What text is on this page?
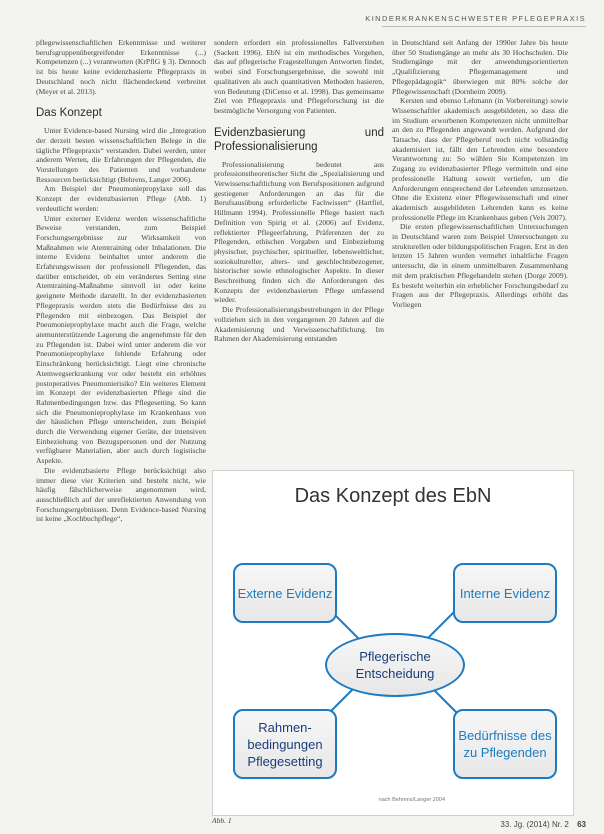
KINDERKRANKENSCHWESTER PFLEGEPRAXIS

pflegewissenschaftlichen Erkenntnisse und weiterer berufsgruppenübergreifender Erkenntnisse (...) Kompetenzen (...) verantworten (KrPflG § 3). Dennoch ist bis heute keine evidenzbasierte Pflegepraxis in Deutschland noch nicht flächendeckend verbreitet (Meyer et al. 2013).

Das Konzept

Unter Evidence-based Nursing wird die „Integration der derzeit besten wissenschaftlichen Belege in die tägliche Pflegepraxis“ verstanden. Dabei werden, unter anderem Werten, die Erfahrungen der Pflegenden, die Vorstellungen des Patienten und vorhandene Ressourcen berücksichtigt (Behrens, Langer 2006).

Am Beispiel der Pneumoniepropylaxe soll das Konzept der evidenzbasierten Pflege (Abb. 1) verdeutlicht werden:

Unter externer Evidenz werden wissenschaftliche Beweise verstanden, zum Beispiel Forschungsergebnisse zur Wirksamkeit von Maßnahmen wie Atemtraining oder Inhalationen. Die interne Evidenz beinhaltet unter anderem die Erfahrungswissen der professionell Pflegenden, das darüber entscheidet, ob ein verändertes Setting eine Atemtraining-Maßnahme sinnvoll ist oder keine geeignete Methode darstellt. In der evidenzbasierten Pflegepraxis werden stets die Bedürfnisse des zu Pflegenden mit einbezogen. Das Beispiel der Pneumonieprophylaxe macht auch die Frage, welche atemunterstützende Lagerung die angenehmste für den zu Pflegenden ist. Dabei wird unter anderem die vor Pneumonieprophylaxe fehlende Erfahrung oder Einschränkung berücksichtigt. Liegt eine chronische Atemwegserkrankung vor oder besteht ein erhöhtes postoperatives Pneumonierisiko? Ein weiteres Element im Konzept der evidenzbasierten Pflege sind die Rahmenbedingungen bzw. das Pflegesetting. So kann sich die Pneumonieprophylaxe im Krankenhaus von der häuslichen Pflege unterscheiden, zum Beispiel durch die Verwendung eigener Geräte, der intensiven Einbeziehung von Bezugspersonen und der Nutzung verfügbarer Materialien, aber auch durch logistische Aspekte.

Die evidenzbasierte Pflege berücksichtigt also immer diese vier Kriterien und besteht nicht, wie häufig fälschlicherweise angenommen wird, ausschließlich auf der unreflektierten Anwendung von Forschungsergebnissen. Denn Evidence-based Nursing ist keine „Kochbuchpflege“,

sondern erfordert ein professionelles Fallverstehen (Sackett 1996). EbN ist ein methodisches Vorgehen, das auf pflegerische Fragestellungen Antworten findet, wobei sind Forschungsergebnisse, die sowohl mit qualitativen als auch quantitativen Methoden basieren, von Bedeutung (DiCenso et al. 1998). Das gemeinsame Ziel von Pflegepraxis und Pflegeforschung ist die bestmögliche Versorgung von Patienten.

Evidenzbasierung und Professionalisierung

Professionalisierung bedeutet aus professionstheoretischer Sicht die „Spezialisierung und Verwissenschaftlichung von Berufspositionen aufgrund gestiegener Anforderungen an das für die Berufsausübung erforderliche Fachwissen“ (Hartfiel, Hillmann 1994). Professionelle Pflege basiert nach Definition von Spirig et al. (2006) auf Evidenz, reflektierter Pflegeerfahrung, Präferenzen der zu Pflegenden, ethischen Vorgaben und Einbeziehung physischer, psychischer, spiritueller, lebensweltlicher, soziokultureller, alters- und geschlechtsbezogener, historischer sowie ethnologischer Aspekte. In dieser Beschreibung finden sich die Anforderungen des Konzepts der evidenzbasierten Pflege umfassend wieder.

Die Professionalisierungsbestrebungen in der Pflege vollziehen sich in den vergangenen 20 Jahren auf die Akademisierung und Verwissenschaftlichung. Im Rahmen der Akademisierung entstanden

in Deutschland seit Anfang der 1990er Jahre bis heute über 50 Studiengänge an mehr als 30 Hochschulen. Die Studiengänge mit der anwendungsorientierten „Qualifizierung Pflegemanagement und Pflegepädagogik“ überwiegen mit 80% solche der Pflegewissenschaft (Dornheim 2009).

Kersten und ebenso Lehmann (in Vorbereitung) sowie Wissenschaftler akademisch ausgebildeten, so dass die im Studium erworbenen Kompetenzen nicht unmittelbar an den zu Pflegenden angewandt werden. Aufgrund der Tatsache, dass der Pflegeberuf noch nicht vollständig akademisiert ist, fällt den Lehrenden eine besondere Verantwortung zu: So wählen Sie Kompetenzen im Zugang zu evidenzbasierter Pflege vermitteln und eine professionelle Haltung soweit vertiefen, um die Anforderungen entsprechend der Lehrenden umzusetzen. Ohne die Existenz einer Pflegewissenschaft und einer akademisch ausgebildeten Lehrenden kann es keine professionelle Pflege im Krankenhaus geben (Vels 2007).

Die ersten pflegewissenschaftlichen Untersuchungen in Deutschland waren zum Beispiel Untersuchungen zu strukturellen oder bildungspolitischen Fragen. Erst in den letzten 15 Jahren wurden vermehrt inhaltliche Fragen untersucht, die in einem unmittelbaren Zusammenhang mit dem praktischen Pflegehandeln stehen (Dorge 2009). Es besteht weiterhin ein erheblicher Forschungsbedarf zu Fragen aus der Pflegepraxis. Allerdings erhöht das Vorliegen

Das Konzept des EbN
Externe Evidenz	Interne Evidenz
Pflegerische Entscheidung
Rahmen-bedingungen Pflegesetting
Bedürfnisse des zu Pflegenden
nach Behrens/Langer 2004
Abb. 1	33. Jg. (2014) Nr. 2 63
